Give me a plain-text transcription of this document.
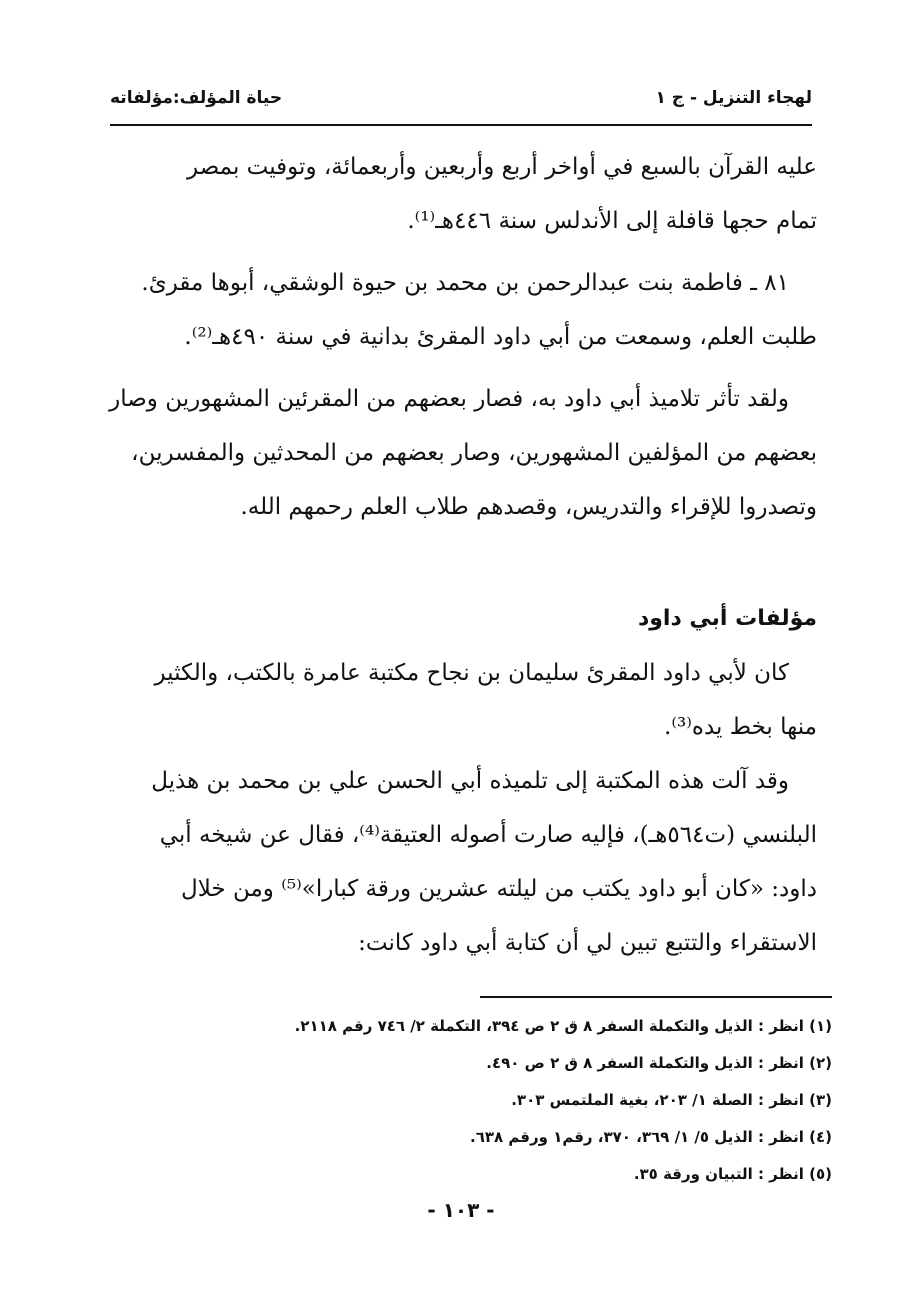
لهجاء التنزيل - ج ١
حياة المؤلف:مؤلفاته

عليه القرآن بالسبع في أواخر أربع وأربعين وأربعمائة، وتوفيت بمصر
تمام حجها قافلة إلى الأندلس سنة ٤٤٦هـ⁽¹⁾.

٨١ ـ فاطمة بنت عبدالرحمن بن محمد بن حيوة الوشقي، أبوها مقرئ.
طلبت العلم، وسمعت من أبي داود المقرئ بدانية في سنة ٤٩٠هـ⁽²⁾.

ولقد تأثر تلاميذ أبي داود به، فصار بعضهم من المقرئين المشهورين وصار
بعضهم من المؤلفين المشهورين، وصار بعضهم من المحدثين والمفسرين،
وتصدروا للإقراء والتدريس، وقصدهم طلاب العلم رحمهم الله.

مؤلفات أبي داود

كان لأبي داود المقرئ سليمان بن نجاح مكتبة عامرة بالكتب، والكثير
منها بخط يده⁽³⁾.

وقد آلت هذه المكتبة إلى تلميذه أبي الحسن علي بن محمد بن هذيل
البلنسي (ت٥٦٤هـ)، فإليه صارت أصوله العتيقة⁽⁴⁾، فقال عن شيخه أبي
داود: «كان أبو داود يكتب من ليلته عشرين ورقة كبارا»⁽⁵⁾ ومن خلال
الاستقراء والتتبع تبين لي أن كتابة أبي داود كانت:

(١) انظر : الذيل والتكملة السفر ٨ ق ٢ ص ٣٩٤، التكملة ٢/ ٧٤٦ رقم ٢١١٨.
(٢) انظر : الذيل والتكملة السفر ٨ ق ٢ ص ٤٩٠.
(٣) انظر : الصلة ١/ ٢٠٣، بغية الملتمس ٣٠٣.
(٤) انظر : الذيل ٥/ ١/ ٣٦٩، ٣٧٠، رقم١ ورقم ٦٣٨.
(٥) انظر : التبيان ورقة ٣٥.
- ١٠٣ -
